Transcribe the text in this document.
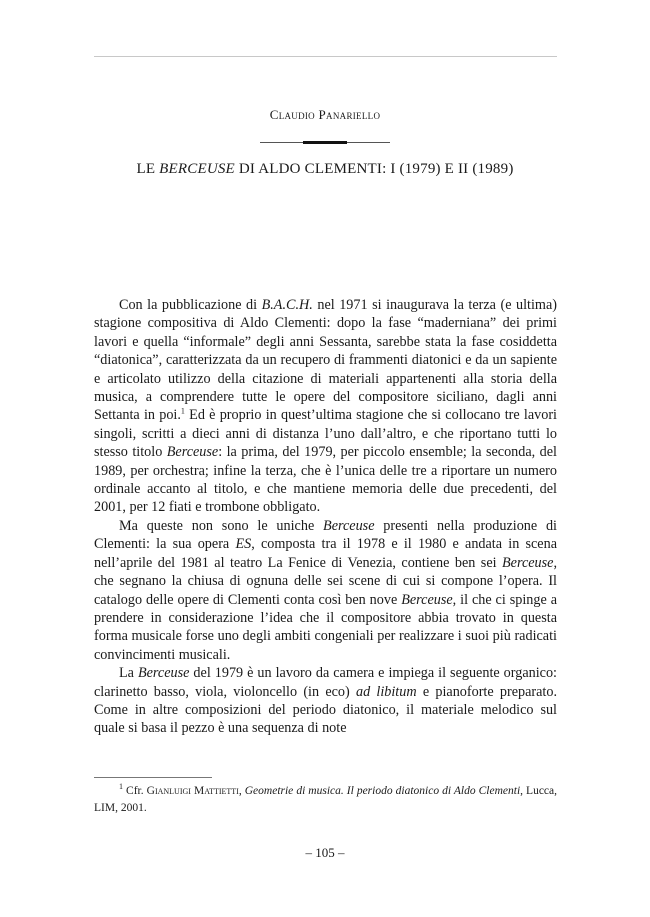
Claudio Panariello
LE BERCEUSE DI ALDO CLEMENTI: I (1979) E II (1989)

Con la pubblicazione di B.A.C.H. nel 1971 si inaugurava la terza (e ultima) stagione compositiva di Aldo Clementi: dopo la fase “maderniana” dei primi lavori e quella “informale” degli anni Sessanta, sarebbe stata la fase cosiddetta “diatonica”, caratterizzata da un recupero di frammenti diatonici e da un sapiente e articolato utilizzo della citazione di materiali appartenenti alla storia della musica, a comprendere tutte le opere del compositore siciliano, dagli anni Settanta in poi.$^1$ Ed è proprio in quest’ultima stagione che si collocano tre lavori singoli, scritti a dieci anni di distanza l’uno dall’altro, e che riportano tutti lo stesso titolo Berceuse: la prima, del 1979, per piccolo ensemble; la seconda, del 1989, per orchestra; infine la terza, che è l’unica delle tre a riportare un numero ordinale accanto al titolo, e che mantiene memoria delle due precedenti, del 2001, per 12 fiati e trombone obbligato.

Ma queste non sono le uniche Berceuse presenti nella produzione di Clementi: la sua opera ES, composta tra il 1978 e il 1980 e andata in scena nell’aprile del 1981 al teatro La Fenice di Venezia, contiene ben sei Berceuse, che segnano la chiusa di ognuna delle sei scene di cui si compone l’opera. Il catalogo delle opere di Clementi conta così ben nove Berceuse, il che ci spinge a prendere in considerazione l’idea che il compositore abbia trovato in questa forma musicale forse uno degli ambiti congeniali per realizzare i suoi più radicati convincimenti musicali.

La Berceuse del 1979 è un lavoro da camera e impiega il seguente organico: clarinetto basso, viola, violoncello (in eco) ad libitum e pianoforte preparato. Come in altre composizioni del periodo diatonico, il materiale melodico sul quale si basa il pezzo è una sequenza di note

$^1$ Cfr. Gianluigi Mattietti, Geometrie di musica. Il periodo diatonico di Aldo Clementi, Lucca, LIM, 2001.

– 105 –
